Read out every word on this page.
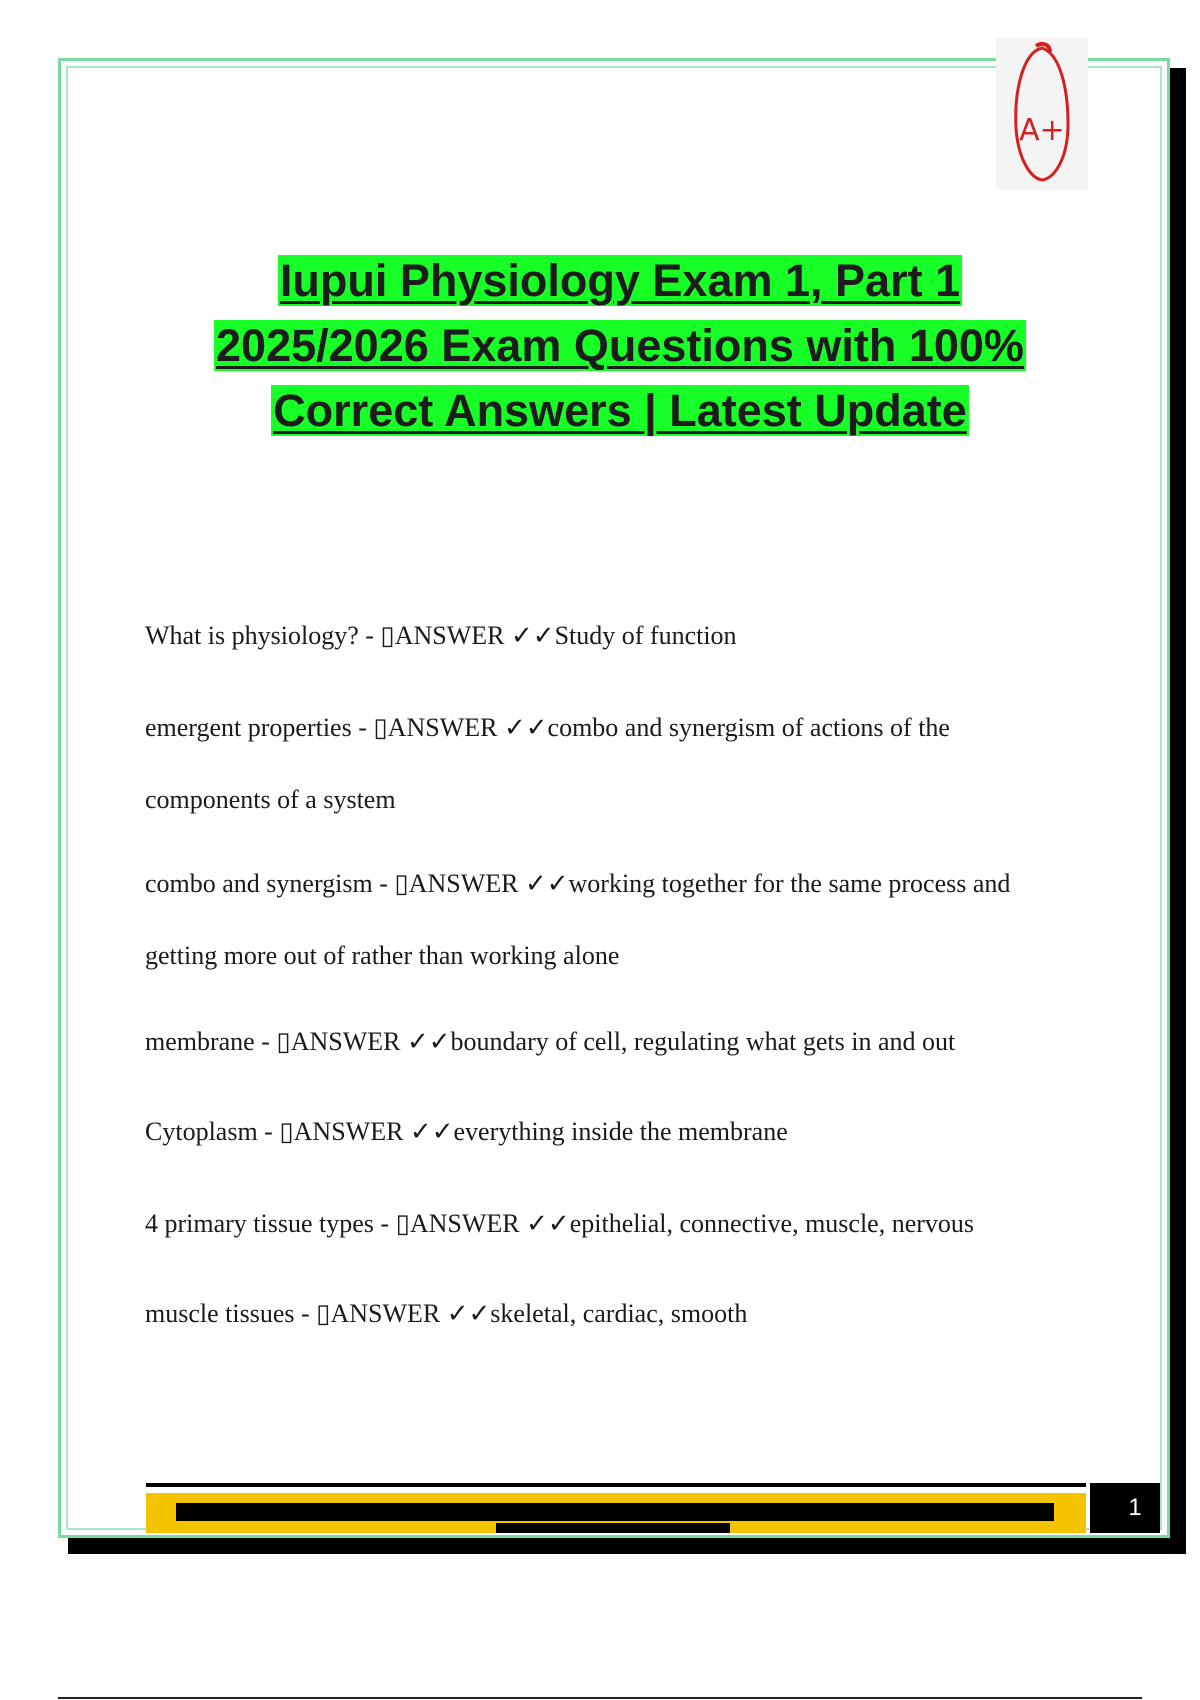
A+
Iupui Physiology Exam 1, Part 1
2025/2026 Exam Questions with 100%
Correct Answers | Latest Update

What is physiology? - ▯ANSWER ✓✓Study of function

emergent properties - ▯ANSWER ✓✓combo and synergism of actions of the
components of a system

combo and synergism - ▯ANSWER ✓✓working together for the same process and
getting more out of rather than working alone

membrane - ▯ANSWER ✓✓boundary of cell, regulating what gets in and out

Cytoplasm - ▯ANSWER ✓✓everything inside the membrane

4 primary tissue types - ▯ANSWER ✓✓epithelial, connective, muscle, nervous

muscle tissues - ▯ANSWER ✓✓skeletal, cardiac, smooth

1
